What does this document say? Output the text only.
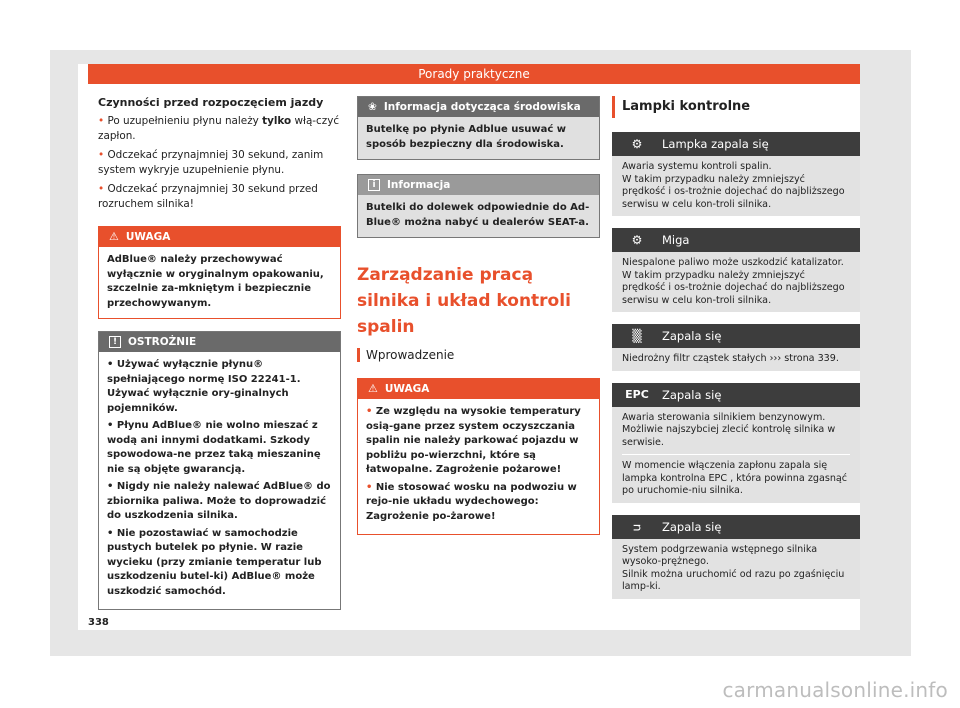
Porady praktyczne
Czynności przed rozpoczęciem jazdy
• Po uzupełnieniu płynu należy tylko włą-czyć zapłon.
• Odczekać przynajmniej 30 sekund, zanim system wykryje uzupełnienie płynu.
• Odczekać przynajmniej 30 sekund przed rozruchem silnika!
⚠ UWAGA
AdBlue® należy przechowywać wyłącznie w oryginalnym opakowaniu, szczelnie za-mkniętym i bezpiecznie przechowywanym.
!	OSTROŻNIE
• Używać wyłącznie płynu® spełniającego normę ISO 22241-1. Używać wyłącznie ory-ginalnych pojemników.
• Płynu AdBlue® nie wolno mieszać z wodą ani innymi dodatkami. Szkody spowodowa-ne przez taką mieszaninę nie są objęte gwarancją.
• Nigdy nie należy nalewać AdBlue® do zbiornika paliwa. Może to doprowadzić do uszkodzenia silnika.
• Nie pozostawiać w samochodzie pustych butelek po płynie. W razie wycieku (przy zmianie temperatur lub uszkodzeniu butel-ki) AdBlue® może uszkodzić samochód.
❀ Informacja dotycząca środowiska
Butelkę po płynie Adblue usuwać w sposób bezpieczny dla środowiska.
i	Informacja
Butelki do dolewek odpowiednie do Ad-Blue® można nabyć u dealerów SEAT-a.
Zarządzanie pracą silnika i układ kontroli spalin
Wprowadzenie
⚠ UWAGA
• Ze względu na wysokie temperatury osią-gane przez system oczyszczania spalin nie należy parkować pojazdu w pobliżu po-wierzchni, które są łatwopalne. Zagrożenie pożarowe!
• Nie stosować wosku na podwoziu w rejo-nie układu wydechowego: Zagrożenie po-żarowe!
Lampki kontrolne
⚙	Lampka zapala się
Awaria systemu kontroli spalin.
W takim przypadku należy zmniejszyć prędkość i os-trożnie dojechać do najbliższego serwisu w celu kon-troli silnika.
⚙	Miga
Niespalone paliwo może uszkodzić katalizator.
W takim przypadku należy zmniejszyć prędkość i os-trożnie dojechać do najbliższego serwisu w celu kon-troli silnika.
▒	Zapala się
Niedrożny filtr cząstek stałych ››› strona 339.
EPC	Zapala się
Awaria sterowania silnikiem benzynowym.
Możliwie najszybciej zlecić kontrolę silnika w serwisie.
W momencie włączenia zapłonu zapala się lampka kontrolna EPC , która powinna zgasnąć po uruchomie-niu silnika.
ᴝ	Zapala się
System podgrzewania wstępnego silnika wysoko-prężnego.
Silnik można uruchomić od razu po zgaśnięciu lamp-ki.
338
carmanualsonline.info
